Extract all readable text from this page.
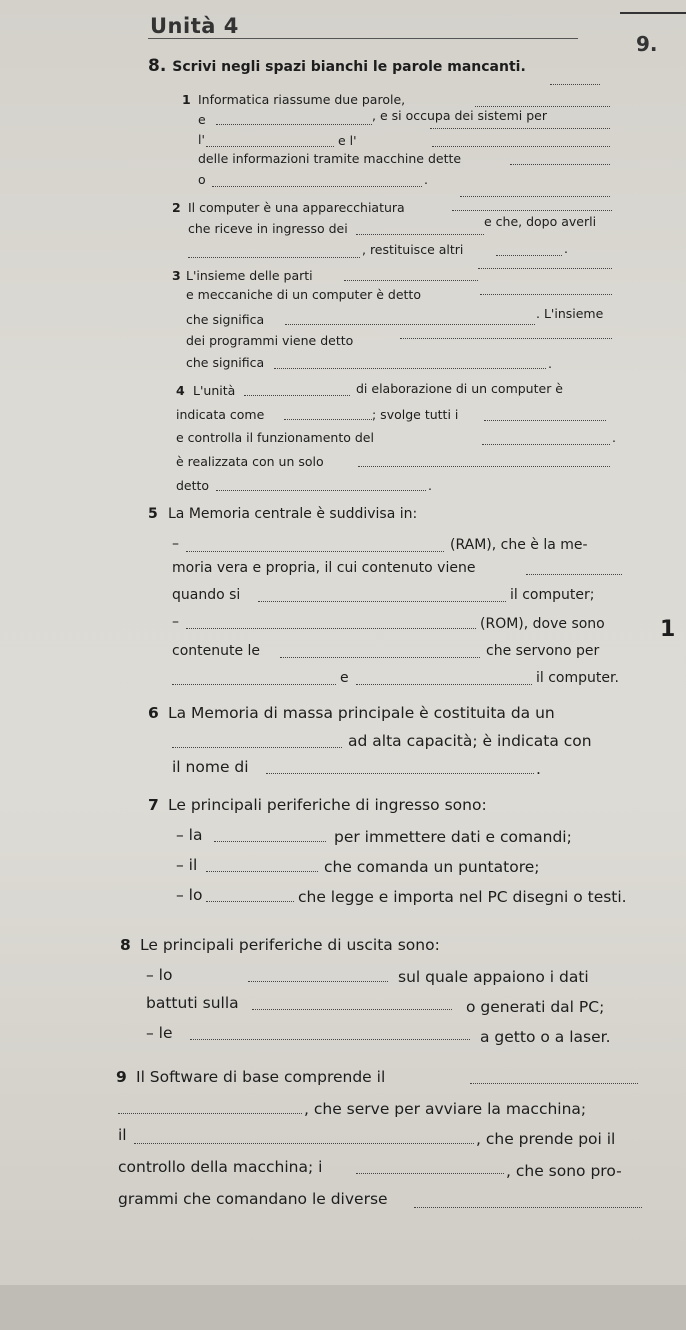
Unità 4
9.
8. Scrivi negli spazi bianchi le parole mancanti.
1 Informatica riassume due parole,
e	, e si occupa dei sistemi per
l'	e l'
delle informazioni tramite macchine dette
o	.
2 Il computer è una apparecchiatura
che riceve in ingresso dei	e che, dopo averli
, restituisce altri	.
3 L'insieme delle parti
e meccaniche di un computer è detto
che significa	. L'insieme
dei programmi viene detto
che significa	.
4 L'unità	di elaborazione di un computer è
indicata come	; svolge tutti i
e controlla il funzionamento del	.
è realizzata con un solo
detto	.
5 La Memoria centrale è suddivisa in:
–	(RAM), che è la me-
moria vera e propria, il cui contenuto viene
quando si	il computer;
–	(ROM), dove sono
contenute le	che servono per
e	il computer.
1
6 La Memoria di massa principale è costituita da un
ad alta capacità; è indicata con
il nome di	.
7 Le principali periferiche di ingresso sono:
– la	per immettere dati e comandi;
– il	che comanda un puntatore;
– lo	che legge e importa nel PC disegni o testi.
8 Le principali periferiche di uscita sono:
– lo	sul quale appaiono i dati
battuti sulla	o generati dal PC;
– le	a getto o a laser.
9 Il Software di base comprende il
, che serve per avviare la macchina;
il	, che prende poi il
controllo della macchina; i	, che sono pro-
grammi che comandano le diverse
